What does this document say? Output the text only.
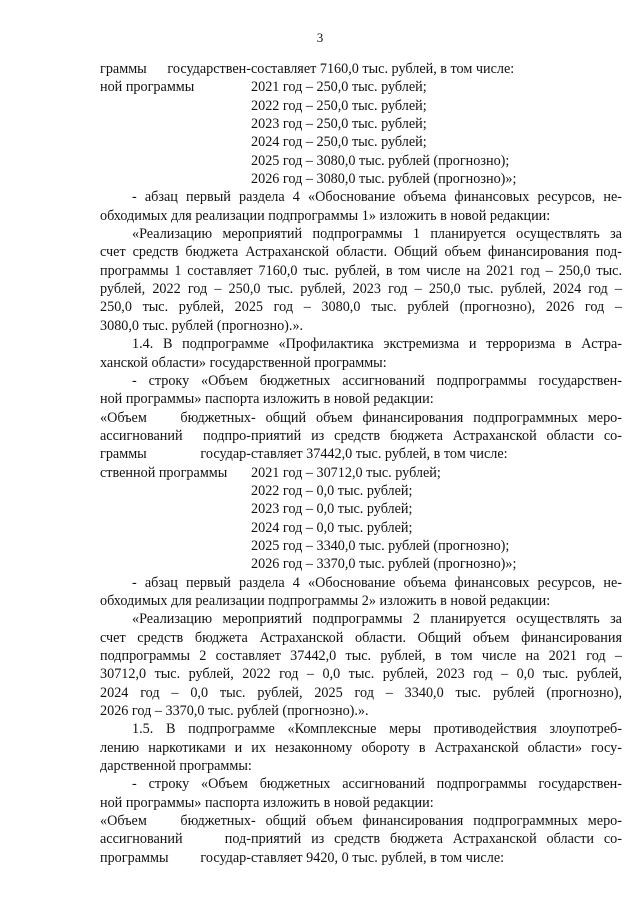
3
граммы государствен-
ной программы
составляет 7160,0 тыс. рублей, в том числе:
2021 год – 250,0 тыс. рублей;
2022 год – 250,0 тыс. рублей;
2023 год – 250,0 тыс. рублей;
2024 год – 250,0 тыс. рублей;
2025 год – 3080,0 тыс. рублей (прогнозно);
2026 год – 3080,0 тыс. рублей (прогнозно)»;
- абзац первый раздела 4 «Обоснование объема финансовых ресурсов, не-
обходимых для реализации подпрограммы 1» изложить в новой редакции:
«Реализацию мероприятий подпрограммы 1 планируется осуществлять за
счет средств бюджета Астраханской области. Общий объем финансирования под-
программы 1 составляет 7160,0 тыс. рублей, в том числе на 2021 год – 250,0 тыс.
рублей, 2022 год – 250,0 тыс. рублей, 2023 год – 250,0 тыс. рублей, 2024 год –
250,0 тыс. рублей, 2025 год – 3080,0 тыс. рублей (прогнозно), 2026 год –
3080,0 тыс. рублей (прогнозно).».
1.4. В подпрограмме «Профилактика экстремизма и терроризма в Астра-
ханской области» государственной программы:
- строку «Объем бюджетных ассигнований подпрограммы государствен-
ной программы» паспорта изложить в новой редакции:
«Объем бюджетных
ассигнований подпро-
граммы государ-
ственной программы
- общий объем финансирования подпрограммных меро-
приятий из средств бюджета Астраханской области со-
ставляет 37442,0 тыс. рублей, в том числе:
2021 год – 30712,0 тыс. рублей;
2022 год – 0,0 тыс. рублей;
2023 год – 0,0 тыс. рублей;
2024 год – 0,0 тыс. рублей;
2025 год – 3340,0 тыс. рублей (прогнозно);
2026 год – 3370,0 тыс. рублей (прогнозно)»;
- абзац первый раздела 4 «Обоснование объема финансовых ресурсов, не-
обходимых для реализации подпрограммы 2» изложить в новой редакции:
«Реализацию мероприятий подпрограммы 2 планируется осуществлять за
счет средств бюджета Астраханской области. Общий объем финансирования
подпрограммы 2 составляет 37442,0 тыс. рублей, в том числе на 2021 год –
30712,0 тыс. рублей, 2022 год – 0,0 тыс. рублей, 2023 год – 0,0 тыс. рублей,
2024 год – 0,0 тыс. рублей, 2025 год – 3340,0 тыс. рублей (прогнозно),
2026 год – 3370,0 тыс. рублей (прогнозно).».
1.5. В подпрограмме «Комплексные меры противодействия злоупотреб-
лению наркотиками и их незаконному обороту в Астраханской области» госу-
дарственной программы:
- строку «Объем бюджетных ассигнований подпрограммы государствен-
ной программы» паспорта изложить в новой редакции:
«Объем бюджетных
ассигнований под-
программы государ-
- общий объем финансирования подпрограммных меро-
приятий из средств бюджета Астраханской области со-
ставляет 9420, 0 тыс. рублей, в том числе:
